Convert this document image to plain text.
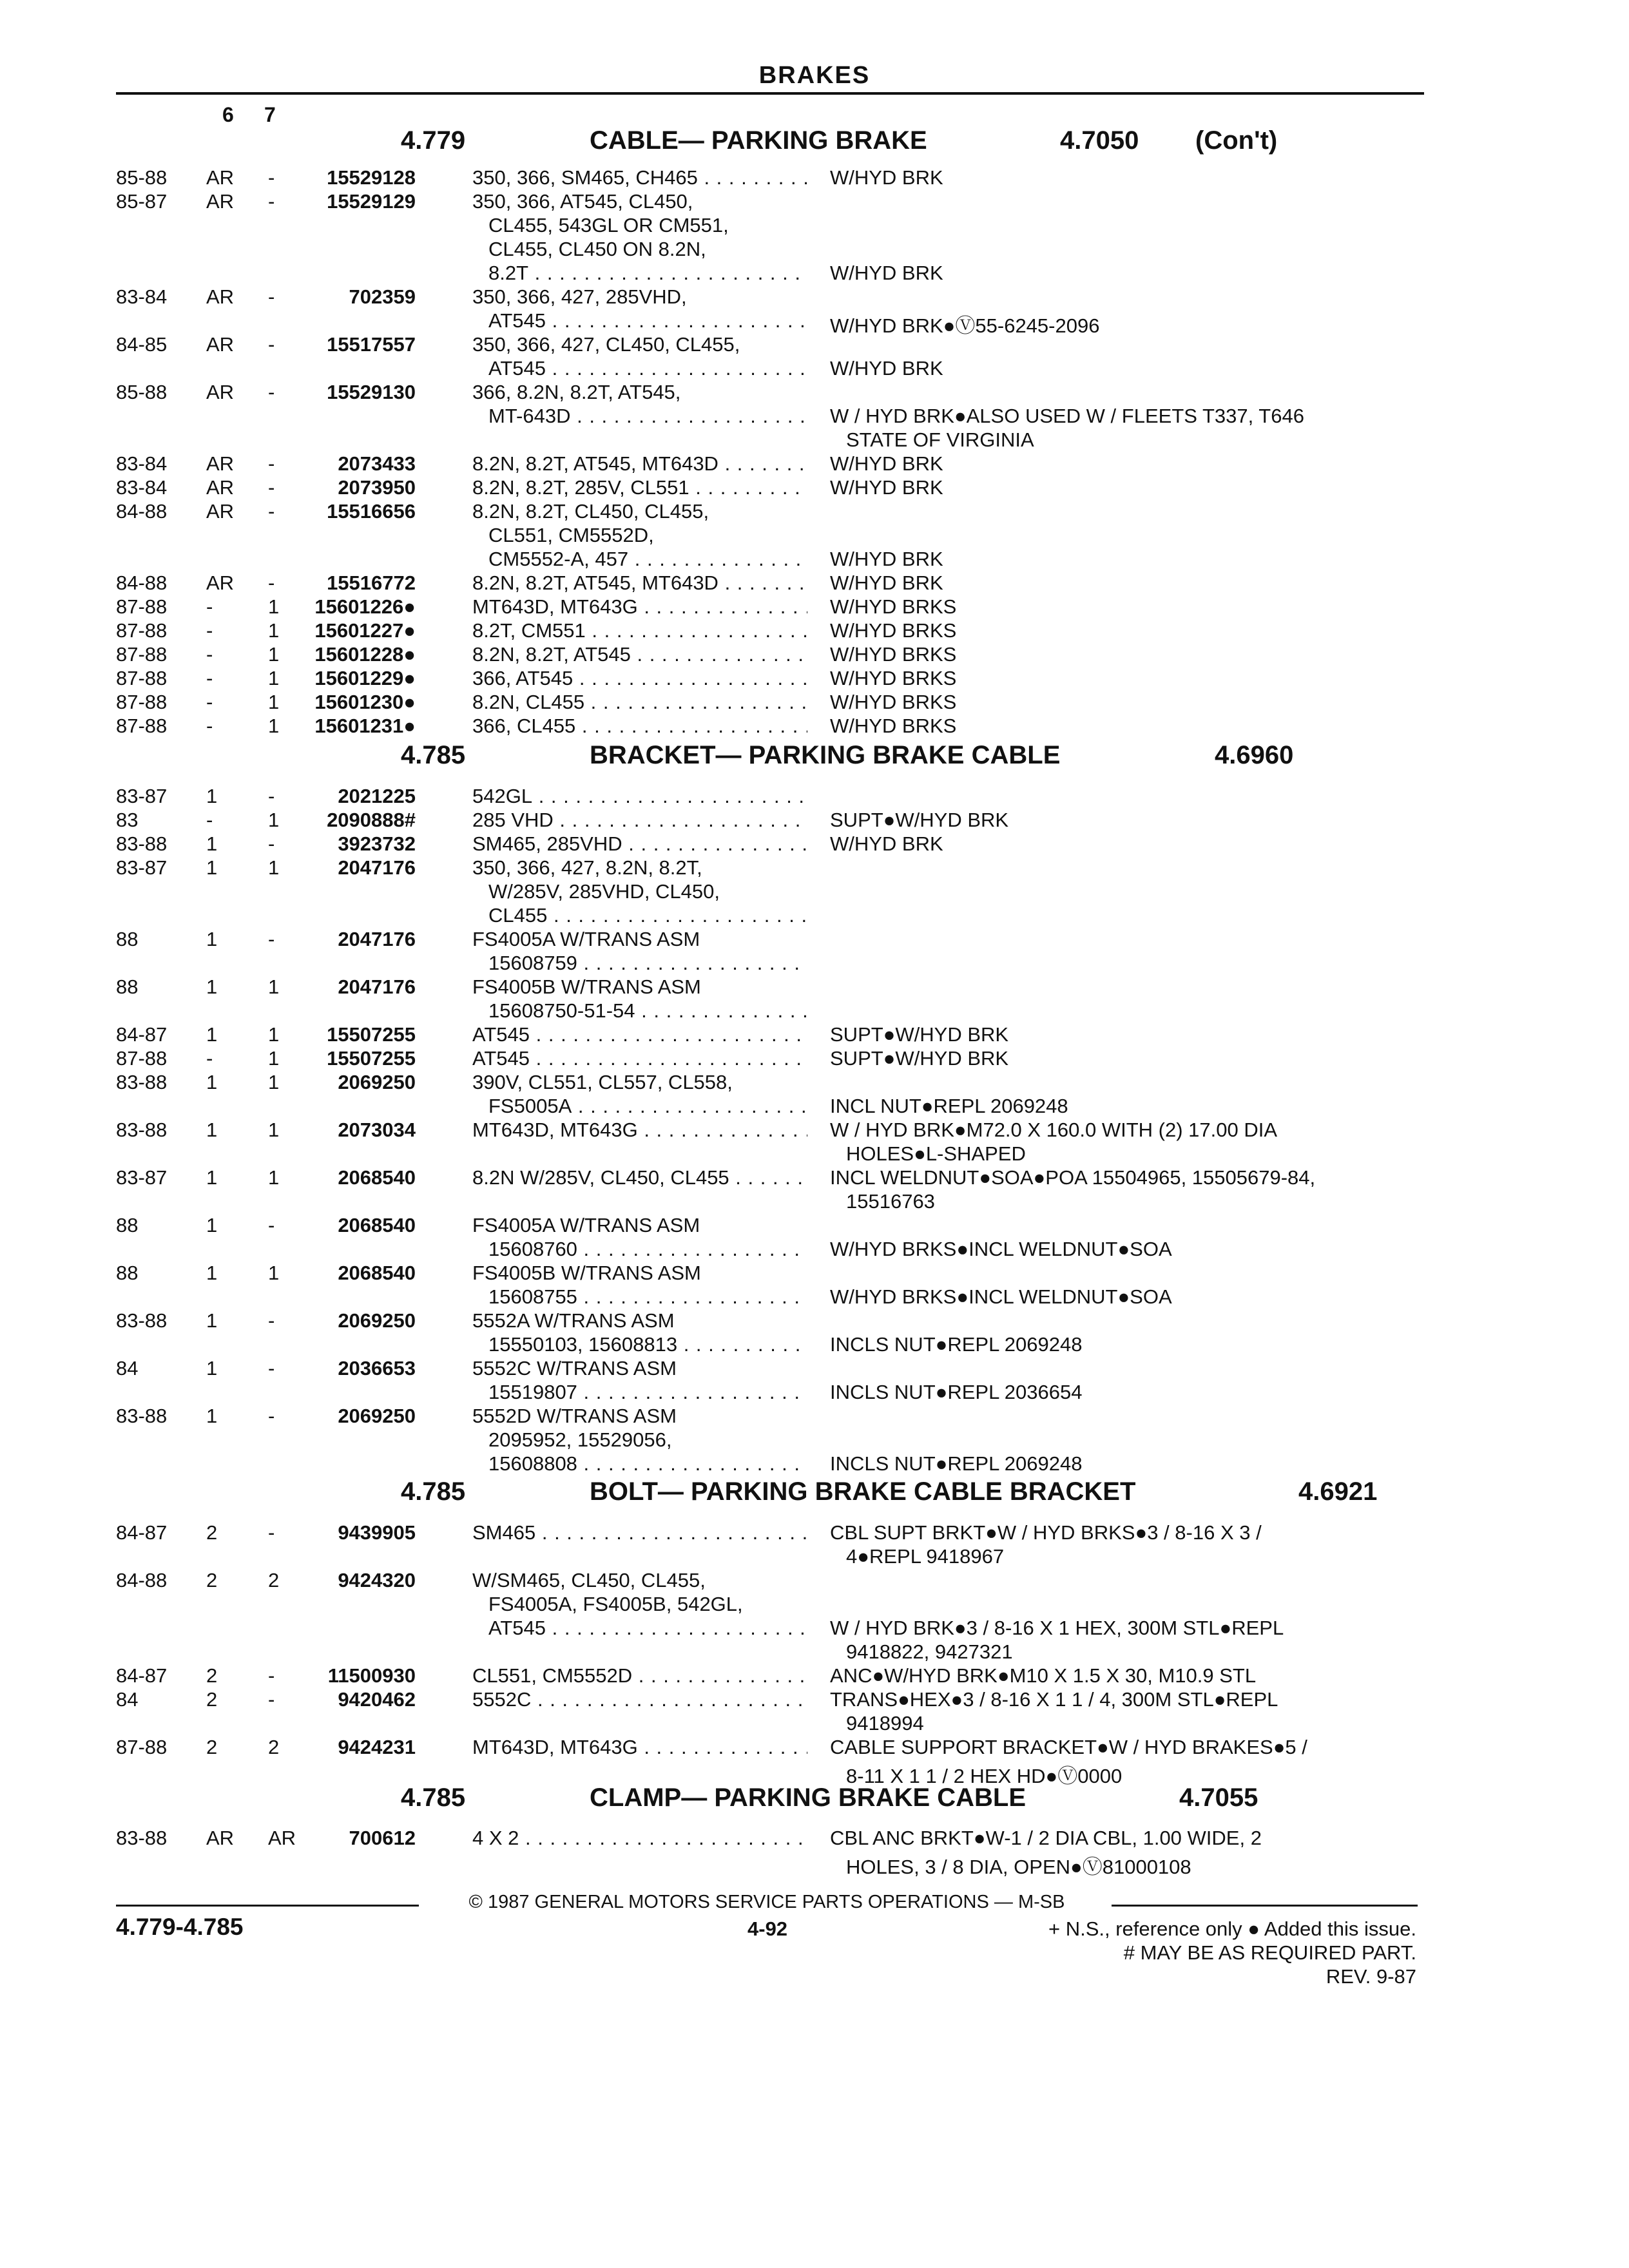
BRAKES
6 7
4.779	CABLE— PARKING BRAKE	4.7050 (Con't)
85-88 AR -	15529128	350, 366, SM465, CH465 . . .	W/HYD BRK
85-87 AR -	15529129	350, 366, AT545, CL450,
CL455, 543GL OR CM551,
CL455, CL450 ON 8.2N,
8.2T . . .	W/HYD BRK
83-84 AR -	702359	350, 366, 427, 285VHD,
AT545 . . .	W/HYD BRK●Ⓥ55-6245-2096
84-85 AR -	15517557	350, 366, 427, CL450, CL455,
AT545 . . .	W/HYD BRK
85-88 AR -	15529130	366, 8.2N, 8.2T, AT545,
MT-643D . . .	W / HYD BRK●ALSO USED W / FLEETS T337, T646
STATE OF VIRGINIA
83-84 AR -	2073433	8.2N, 8.2T, AT545, MT643D . . .	W/HYD BRK
83-84 AR -	2073950	8.2N, 8.2T, 285V, CL551 . . .	W/HYD BRK
84-88 AR -	15516656	8.2N, 8.2T, CL450, CL455,
CL551, CM5552D,
CM5552-A, 457 . . .	W/HYD BRK
84-88 AR -	15516772	8.2N, 8.2T, AT545, MT643D . . .	W/HYD BRK
87-88 -	1 15601226●	MT643D, MT643G . . .	W/HYD BRKS
87-88 -	1 15601227●	8.2T, CM551 . . .	W/HYD BRKS
87-88 -	1 15601228●	8.2N, 8.2T, AT545 . . .	W/HYD BRKS
87-88 -	1 15601229●	366, AT545 . . .	W/HYD BRKS
87-88 -	1 15601230●	8.2N, CL455 . . .	W/HYD BRKS
87-88 -	1 15601231●	366, CL455 . . .	W/HYD BRKS
4.785	BRACKET— PARKING BRAKE CABLE	4.6960
83-87 1	-	2021225	542GL . . .
83	-	1 2090888#	285 VHD . . .	SUPT●W/HYD BRK
83-88 1	-	3923732	SM465, 285VHD . . .	W/HYD BRK
83-87 1	1	2047176	350, 366, 427, 8.2N, 8.2T,
W/285V, 285VHD, CL450,
CL455 . . .
88	1	-	2047176	FS4005A W/TRANS ASM
15608759 . . .
88	1	1	2047176	FS4005B W/TRANS ASM
15608750-51-54 . . .
84-87 1	1 15507255	AT545 . . .	SUPT●W/HYD BRK
87-88 -	1 15507255	AT545 . . .	SUPT●W/HYD BRK
83-88 1	1	2069250	390V, CL551, CL557, CL558,
FS5005A . . .	INCL NUT●REPL 2069248
83-88 1	1	2073034	MT643D, MT643G . . .	W / HYD BRK●M72.0 X 160.0 WITH (2) 17.00 DIA
HOLES●L-SHAPED
83-87 1	1	2068540	8.2N W/285V, CL450, CL455 . . .	INCL WELDNUT●SOA●POA 15504965, 15505679-84,
15516763
88	1	-	2068540	FS4005A W/TRANS ASM
15608760 . . .	W/HYD BRKS●INCL WELDNUT●SOA
88	1	1	2068540	FS4005B W/TRANS ASM
15608755 . . .	W/HYD BRKS●INCL WELDNUT●SOA
83-88 1	-	2069250	5552A W/TRANS ASM
15550103, 15608813 . . .	INCLS NUT●REPL 2069248
84	1	-	2036653	5552C W/TRANS ASM
15519807 . . .	INCLS NUT●REPL 2036654
83-88 1	-	2069250	5552D W/TRANS ASM
2095952, 15529056,
15608808 . . .	INCLS NUT●REPL 2069248
4.785	BOLT— PARKING BRAKE CABLE BRACKET	4.6921
84-87 2	-	9439905	SM465 . . .	CBL SUPT BRKT●W / HYD BRKS●3 / 8-16 X 3 /
4●REPL 9418967
84-88 2	2	9424320	W/SM465, CL450, CL455,
FS4005A, FS4005B, 542GL,
AT545 . . .	W / HYD BRK●3 / 8-16 X 1 HEX, 300M STL●REPL
9418822, 9427321
84-87 2	-	11500930	CL551, CM5552D . . .	ANC●W/HYD BRK●M10 X 1.5 X 30, M10.9 STL
84	2	-	9420462	5552C . . .	TRANS●HEX●3 / 8-16 X 1 1 / 4, 300M STL●REPL
9418994
87-88 2	2	9424231	MT643D, MT643G . . .	CABLE SUPPORT BRACKET●W / HYD BRAKES●5 /
8-11 X 1 1 / 2 HEX HD●Ⓥ0000
4.785	CLAMP— PARKING BRAKE CABLE	4.7055
83-88 AR AR	700612	4 X 2 . . .	CBL ANC BRKT●W-1 / 2 DIA CBL, 1.00 WIDE, 2
HOLES, 3 / 8 DIA, OPEN●Ⓥ81000108
© 1987 GENERAL MOTORS SERVICE PARTS OPERATIONS — M-SB
4.779-4.785	4-92	+ N.S., reference only ● Added this issue.
# MAY BE AS REQUIRED PART.
REV. 9-87
